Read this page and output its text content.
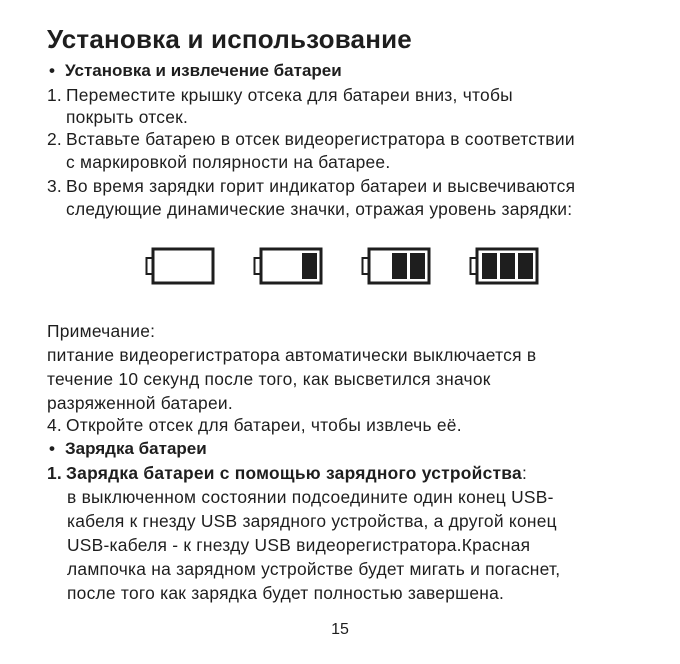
Установка и использование
• Установка и извлечение батареи
1. Переместите крышку отсека для батареи вниз, чтобы
покрыть отсек.
2. Вставьте батарею в отсек видеорегистратора в соответствии
с маркировкой полярности на батарее.
3. Во время зарядки горит индикатор батареи и высвечиваются
следующие динамические значки, отражая уровень зарядки:
Примечание:
питание видеорегистратора автоматически выключается в
течение 10 секунд после того, как высветился значок
разряженной батареи.
4. Откройте отсек для батареи, чтобы извлечь её.
• Зарядка батареи
1. Зарядка батареи с помощью зарядного устройства:
в выключенном состоянии подсоедините один конец USB-
кабеля к гнезду USB зарядного устройства, а другой конец
USB-кабеля - к гнезду USB видеорегистратора.Красная
лампочка на зарядном устройстве будет мигать и погаснет,
после того как зарядка будет полностью завершена.
15
